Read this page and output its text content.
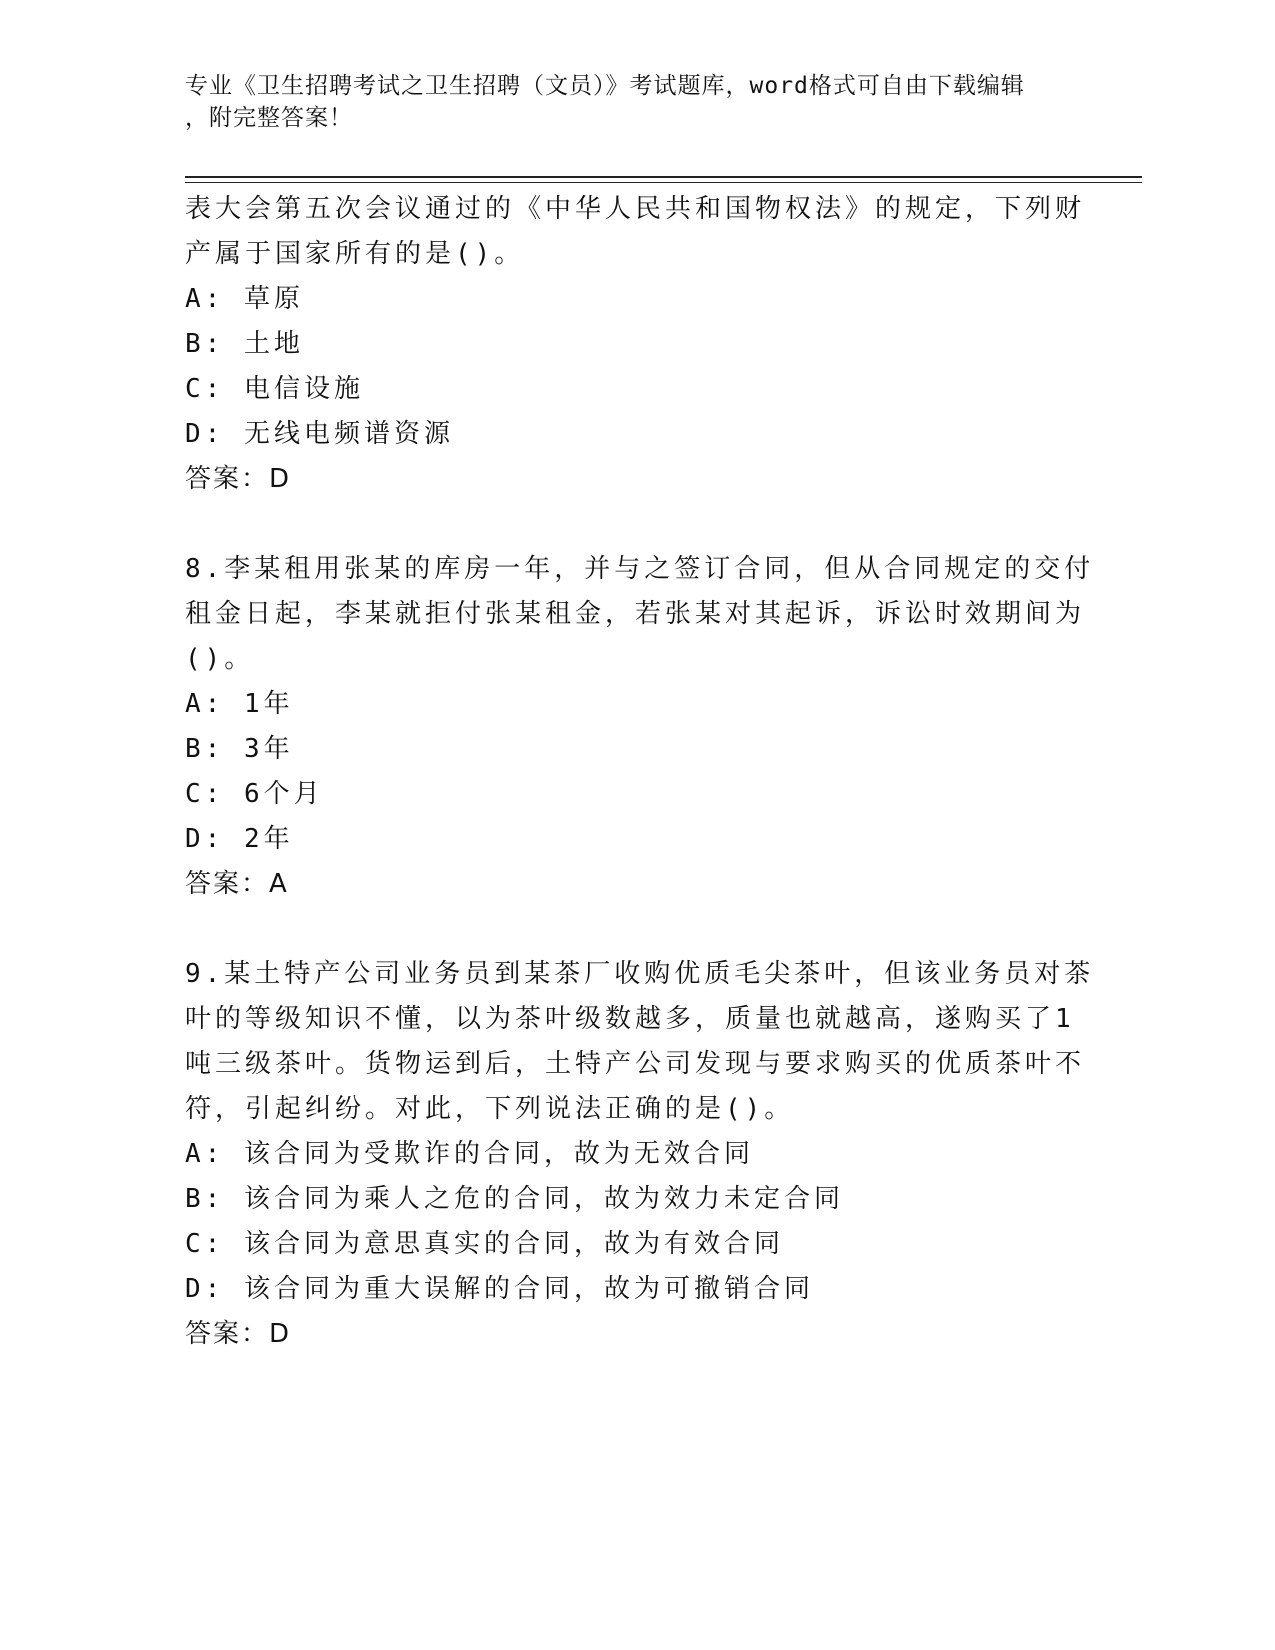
专业《卫生招聘考试之卫生招聘（文员）》考试题库，word格式可自由下载编辑
，附完整答案！
表大会第五次会议通过的《中华人民共和国物权法》的规定，下列财
产属于国家所有的是()。
A: 草原
B: 土地
C: 电信设施
D: 无线电频谱资源
答案：D
8.李某租用张某的库房一年，并与之签订合同，但从合同规定的交付
租金日起，李某就拒付张某租金，若张某对其起诉，诉讼时效期间为
()。
A: 1年
B: 3年
C: 6个月
D: 2年
答案：A
9.某土特产公司业务员到某茶厂收购优质毛尖茶叶，但该业务员对茶
叶的等级知识不懂，以为茶叶级数越多，质量也就越高，遂购买了1
吨三级茶叶。货物运到后，土特产公司发现与要求购买的优质茶叶不
符，引起纠纷。对此，下列说法正确的是()。
A: 该合同为受欺诈的合同，故为无效合同
B: 该合同为乘人之危的合同，故为效力未定合同
C: 该合同为意思真实的合同，故为有效合同
D: 该合同为重大误解的合同，故为可撤销合同
答案：D
